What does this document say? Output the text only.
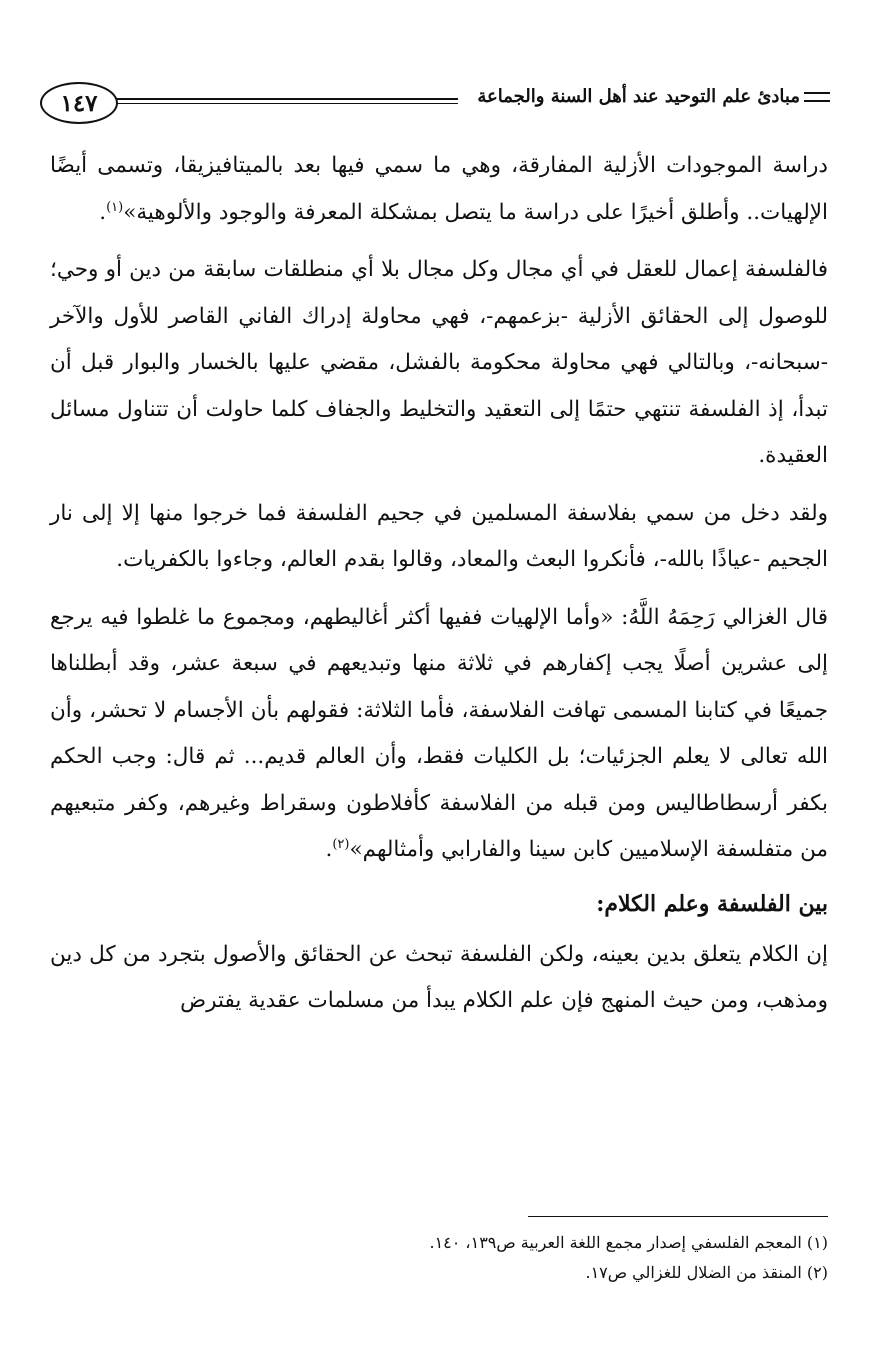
١٤٧	مبادئ علم التوحيد عند أهل السنة والجماعة

دراسة الموجودات الأزلية المفارقة، وهي ما سمي فيها بعد بالميتافيزيقا، وتسمى أيضًا الإلهيات.. وأطلق أخيرًا على دراسة ما يتصل بمشكلة المعرفة والوجود والألوهية»$^{(١)}$.

فالفلسفة إعمال للعقل في أي مجال وكل مجال بلا أي منطلقات سابقة من دين أو وحي؛ للوصول إلى الحقائق الأزلية -بزعمهم-، فهي محاولة إدراك الفاني القاصر للأول والآخر -سبحانه-، وبالتالي فهي محاولة محكومة بالفشل، مقضي عليها بالخسار والبوار قبل أن تبدأ، إذ الفلسفة تنتهي حتمًا إلى التعقيد والتخليط والجفاف كلما حاولت أن تتناول مسائل العقيدة.

ولقد دخل من سمي بفلاسفة المسلمين في جحيم الفلسفة فما خرجوا منها إلا إلى نار الجحيم -عياذًا بالله-، فأنكروا البعث والمعاد، وقالوا بقدم العالم، وجاءوا بالكفريات.

قال الغزالي رَحِمَهُ اللَّهُ: «وأما الإلهيات ففيها أكثر أغاليطهم، ومجموع ما غلطوا فيه يرجع إلى عشرين أصلًا يجب إكفارهم في ثلاثة منها وتبديعهم في سبعة عشر، وقد أبطلناها جميعًا في كتابنا المسمى تهافت الفلاسفة، فأما الثلاثة: فقولهم بأن الأجسام لا تحشر، وأن الله تعالى لا يعلم الجزئيات؛ بل الكليات فقط، وأن العالم قديم... ثم قال: وجب الحكم بكفر أرسطاطاليس ومن قبله من الفلاسفة كأفلاطون وسقراط وغيرهم، وكفر متبعيهم من متفلسفة الإسلاميين كابن سينا والفارابي وأمثالهم»$^{(٢)}$.

بين الفلسفة وعلم الكلام:

إن الكلام يتعلق بدين بعينه، ولكن الفلسفة تبحث عن الحقائق والأصول بتجرد من كل دين ومذهب، ومن حيث المنهج فإن علم الكلام يبدأ من مسلمات عقدية يفترض

(١) المعجم الفلسفي إصدار مجمع اللغة العربية ص١٣٩، ١٤٠.

(٢) المنقذ من الضلال للغزالي ص١٧.
